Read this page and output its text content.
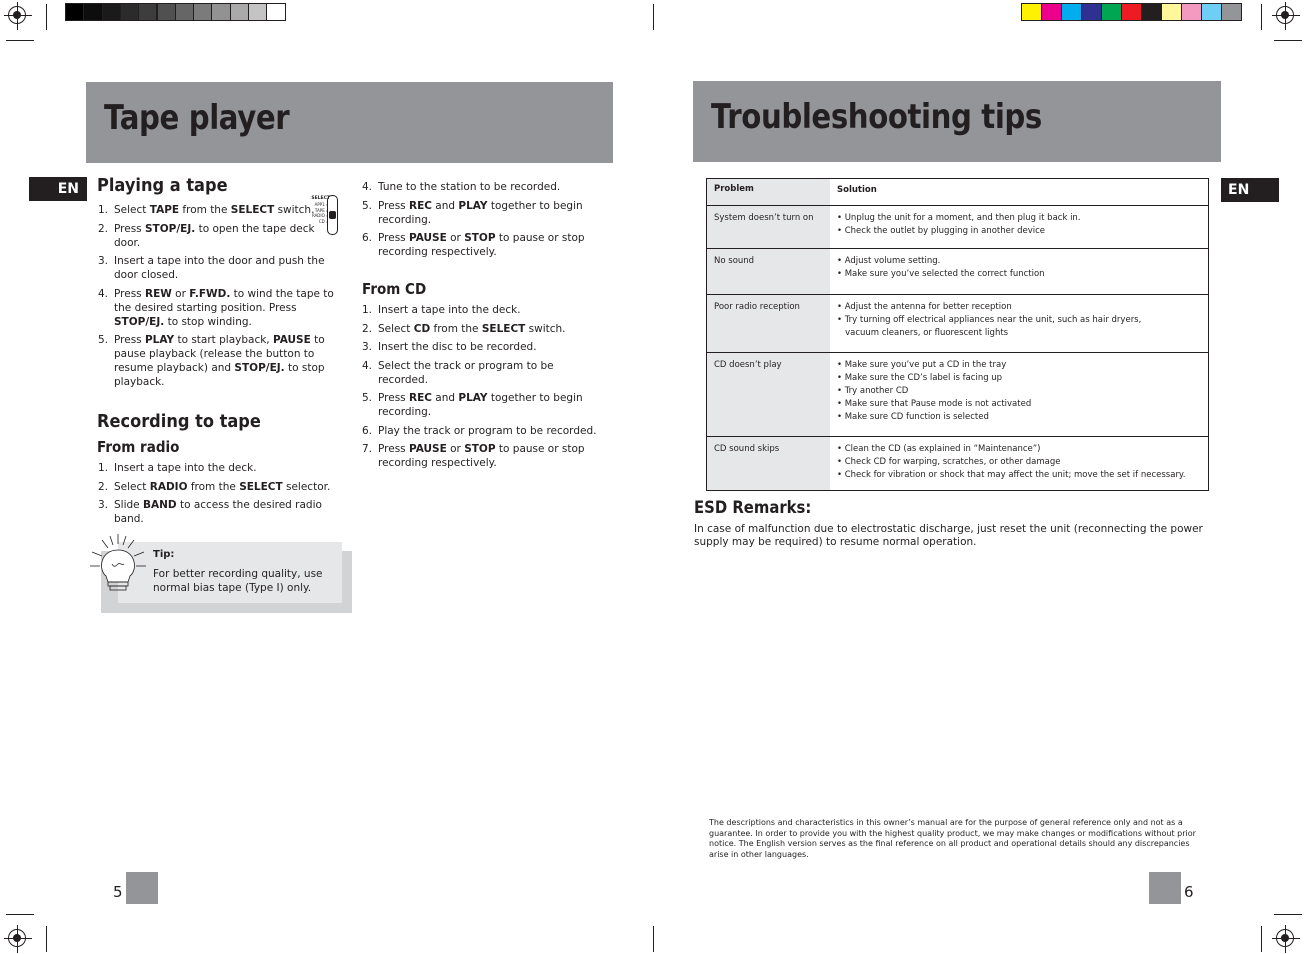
Tape player
EN Playing a tape
1. Select TAPE from the SELECT switch.
2. Press STOP/EJ. to open the tape deck door.
3. Insert a tape into the door and push the door closed.
4. Press REW or F.FWD. to wind the tape to the desired starting position. Press STOP/EJ. to stop winding.
5. Press PLAY to start playback, PAUSE to pause playback (release the button to resume playback) and STOP/EJ. to stop playback.
SELECT
APP1 ◂
TAPE ◂
RADIO ◂
CD ◂
Recording to tape
From radio
1. Insert a tape into the deck.
2. Select RADIO from the SELECT selector.
3. Slide BAND to access the desired radio band.
4. Tune to the station to be recorded.
5. Press REC and PLAY together to begin recording.
6. Press PAUSE or STOP to pause or stop recording respectively.
From CD
1. Insert a tape into the deck.
2. Select CD from the SELECT switch.
3. Insert the disc to be recorded.
4. Select the track or program to be recorded.
5. Press REC and PLAY together to begin recording.
6. Play the track or program to be recorded.
7. Press PAUSE or STOP to pause or stop recording respectively.
Tip:
For better recording quality, use normal bias tape (Type I) only.
5
Troubleshooting tips
EN
Problem	Solution
System doesn’t turn on	• Unplug the unit for a moment, and then plug it back in.
• Check the outlet by plugging in another device
No sound	• Adjust volume setting.
• Make sure you’ve selected the correct function
Poor radio reception	• Adjust the antenna for better reception
• Try turning off electrical appliances near the unit, such as hair dryers,
vacuum cleaners, or fluorescent lights
CD doesn’t play	• Make sure you’ve put a CD in the tray
• Make sure the CD’s label is facing up
• Try another CD
• Make sure that Pause mode is not activated
• Make sure CD function is selected
CD sound skips	• Clean the CD (as explained in “Maintenance”)
• Check CD for warping, scratches, or other damage
• Check for vibration or shock that may affect the unit; move the set if necessary.
ESD Remarks:
In case of malfunction due to electrostatic discharge, just reset the unit (reconnecting the power supply may be required) to resume normal operation.
The descriptions and characteristics in this owner’s manual are for the purpose of general reference only and not as a guarantee. In order to provide you with the highest quality product, we may make changes or modifications without prior notice. The English version serves as the final reference on all product and operational details should any discrepancies arise in other languages.
6
